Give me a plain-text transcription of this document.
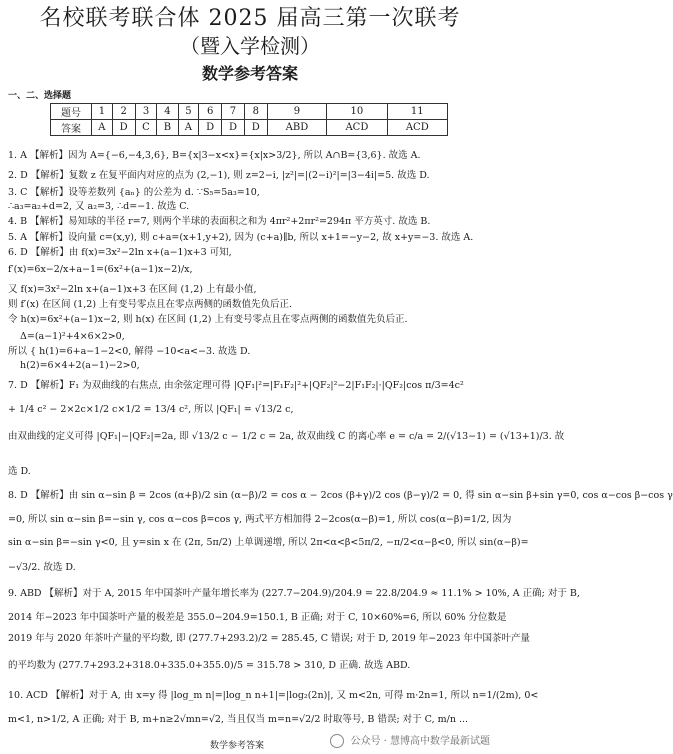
名校联考联合体 2025 届高三第一次联考
（暨入学检测）
数学参考答案
一、二、选择题
题号	1	2	3	4	5	6	7	8	9	10	11
答案	A	D	C	B	A	D	D	D	ABD	ACD	ACD
1. A 【解析】因为 A={−6,−4,3,6}, B={x|3−x<x}={x|x>3/2}, 所以 A∩B={3,6}. 故选 A.
2. D 【解析】复数 z 在复平面内对应的点为 (2,−1), 则 z=2−i, |z²|=|(2−i)²|=|3−4i|=5. 故选 D.
3. C 【解析】设等差数列 {aₙ} 的公差为 d. ∵S₅=5a₃=10,
∴a₃=a₂+d=2, 又 a₂=3, ∴d=−1. 故选 C.
4. B 【解析】易知球的半径 r=7, 则两个半球的表面积之和为 4πr²+2πr²=294π 平方英寸. 故选 B.
5. A 【解析】设向量 c=(x,y), 则 c+a=(x+1,y+2), 因为 (c+a)∥b, 所以 x+1=−y−2, 故 x+y=−3. 故选 A.
6. D 【解析】由 f(x)=3x²−2ln x+(a−1)x+3 可知,
f′(x)=6x−2/x+a−1=(6x²+(a−1)x−2)/x,
又 f(x)=3x²−2ln x+(a−1)x+3 在区间 (1,2) 上有最小值,
则 f′(x) 在区间 (1,2) 上有变号零点且在零点两侧的函数值先负后正.
令 h(x)=6x²+(a−1)x−2, 则 h(x) 在区间 (1,2) 上有变号零点且在零点两侧的函数值先负后正.
Δ=(a−1)²+4×6×2>0,
所以 { h(1)=6+a−1−2<0, 解得 −10<a<−3. 故选 D.
h(2)=6×4+2(a−1)−2>0,
7. D 【解析】F₁ 为双曲线的右焦点, 由余弦定理可得 |QF₁|²=|F₁F₂|²+|QF₂|²−2|F₁F₂|·|QF₂|cos π/3=4c²
+ 1/4 c² − 2×2c×1/2 c×1/2 = 13/4 c², 所以 |QF₁| = √13/2 c,
由双曲线的定义可得 |QF₁|−|QF₂|=2a, 即 √13/2 c − 1/2 c = 2a, 故双曲线 C 的离心率 e = c/a = 2/(√13−1) = (√13+1)/3. 故
选 D.
8. D 【解析】由 sin α−sin β = 2cos (α+β)/2 sin (α−β)/2 = cos α − 2cos (β+γ)/2 cos (β−γ)/2 = 0, 得 sin α−sin β+sin γ=0, cos α−cos β−cos γ
=0, 所以 sin α−sin β=−sin γ, cos α−cos β=cos γ, 两式平方相加得 2−2cos(α−β)=1, 所以 cos(α−β)=1/2, 因为
sin α−sin β=−sin γ<0, 且 y=sin x 在 (2π, 5π/2) 上单调递增, 所以 2π<α<β<5π/2, −π/2<α−β<0, 所以 sin(α−β)=
−√3/2. 故选 D.
9. ABD 【解析】对于 A, 2015 年中国茶叶产量年增长率为 (227.7−204.9)/204.9 = 22.8/204.9 ≈ 11.1% > 10%, A 正确; 对于 B,
2014 年−2023 年中国茶叶产量的极差是 355.0−204.9=150.1, B 正确; 对于 C, 10×60%=6, 所以 60% 分位数是
2019 年与 2020 年茶叶产量的平均数, 即 (277.7+293.2)/2 = 285.45, C 错误; 对于 D, 2019 年−2023 年中国茶叶产量
的平均数为 (277.7+293.2+318.0+335.0+355.0)/5 = 315.78 > 310, D 正确. 故选 ABD.
10. ACD 【解析】对于 A, 由 x=y 得 |log_m n|=|log_n n+1|=|log₂(2n)|, 又 m<2n, 可得 m·2n=1, 所以 n=1/(2m), 0<
m<1, n>1/2, A 正确; 对于 B, m+n≥2√mn=√2, 当且仅当 m=n=√2/2 时取等号, B 错误; 对于 C, m/n ...
数学参考答案	公众号 · 慧博高中数学最新试题
